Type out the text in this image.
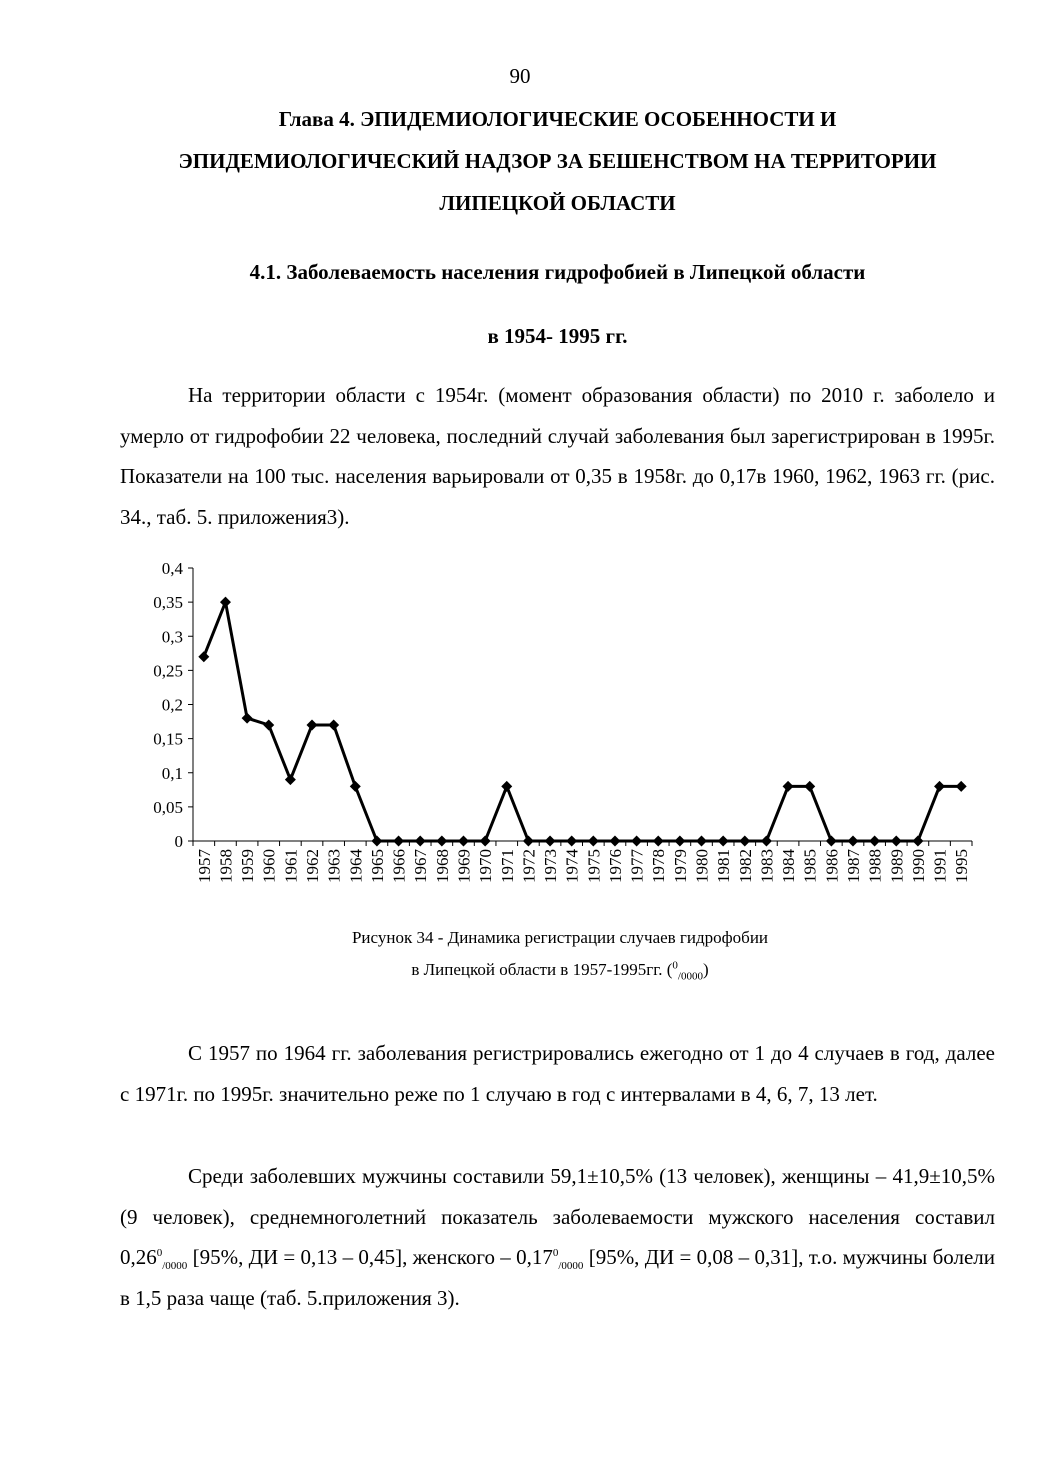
90
Глава 4. ЭПИДЕМИОЛОГИЧЕСКИЕ ОСОБЕННОСТИ И ЭПИДЕМИОЛОГИЧЕСКИЙ НАДЗОР ЗА БЕШЕНСТВОМ НА ТЕРРИТОРИИ ЛИПЕЦКОЙ ОБЛАСТИ
4.1. Заболеваемость населения гидрофобией в Липецкой области
в 1954- 1995 гг.

На территории области с 1954г. (момент образования области) по 2010 г. заболело и умерло от гидрофобии 22 человека, последний случай заболевания был зарегистрирован в 1995г. Показатели на 100 тыс. населения варьировали от 0,35 в 1958г. до 0,17в 1960, 1962, 1963 гг. (рис. 34., таб. 5. приложения3).

0
0,05
0,1
0,15
0,2
0,25
0,3
0,35
0,4
1957 1958 1959 1960 1961 1962 1963 1964 1965 1966 1967 1968 1969 1970 1971 1972 1973 1974 1975 1976 1977 1978 1979 1980 1981 1982 1983 1984 1985 1986 1987 1988 1989 1990 1991 1995
Рисунок 34 - Динамика регистрации случаев гидрофобии
в Липецкой области в 1957-1995гг. ($^0_{/0000}$)

С 1957 по 1964 гг. заболевания регистрировались ежегодно от 1 до 4 случаев в год, далее с 1971г. по 1995г. значительно реже по 1 случаю в год с интервалами в 4, 6, 7, 13 лет.

Среди заболевших мужчины составили 59,1±10,5% (13 человек), женщины – 41,9±10,5% (9 человек), среднемноголетний показатель заболеваемости мужского населения составил $0,26^0_{/0000}$ [95%, ДИ = 0,13 – 0,45], женского – $0,17^0_{/0000}$ [95%, ДИ = 0,08 – 0,31], т.о. мужчины болели в 1,5 раза чаще (таб. 5.приложения 3).
